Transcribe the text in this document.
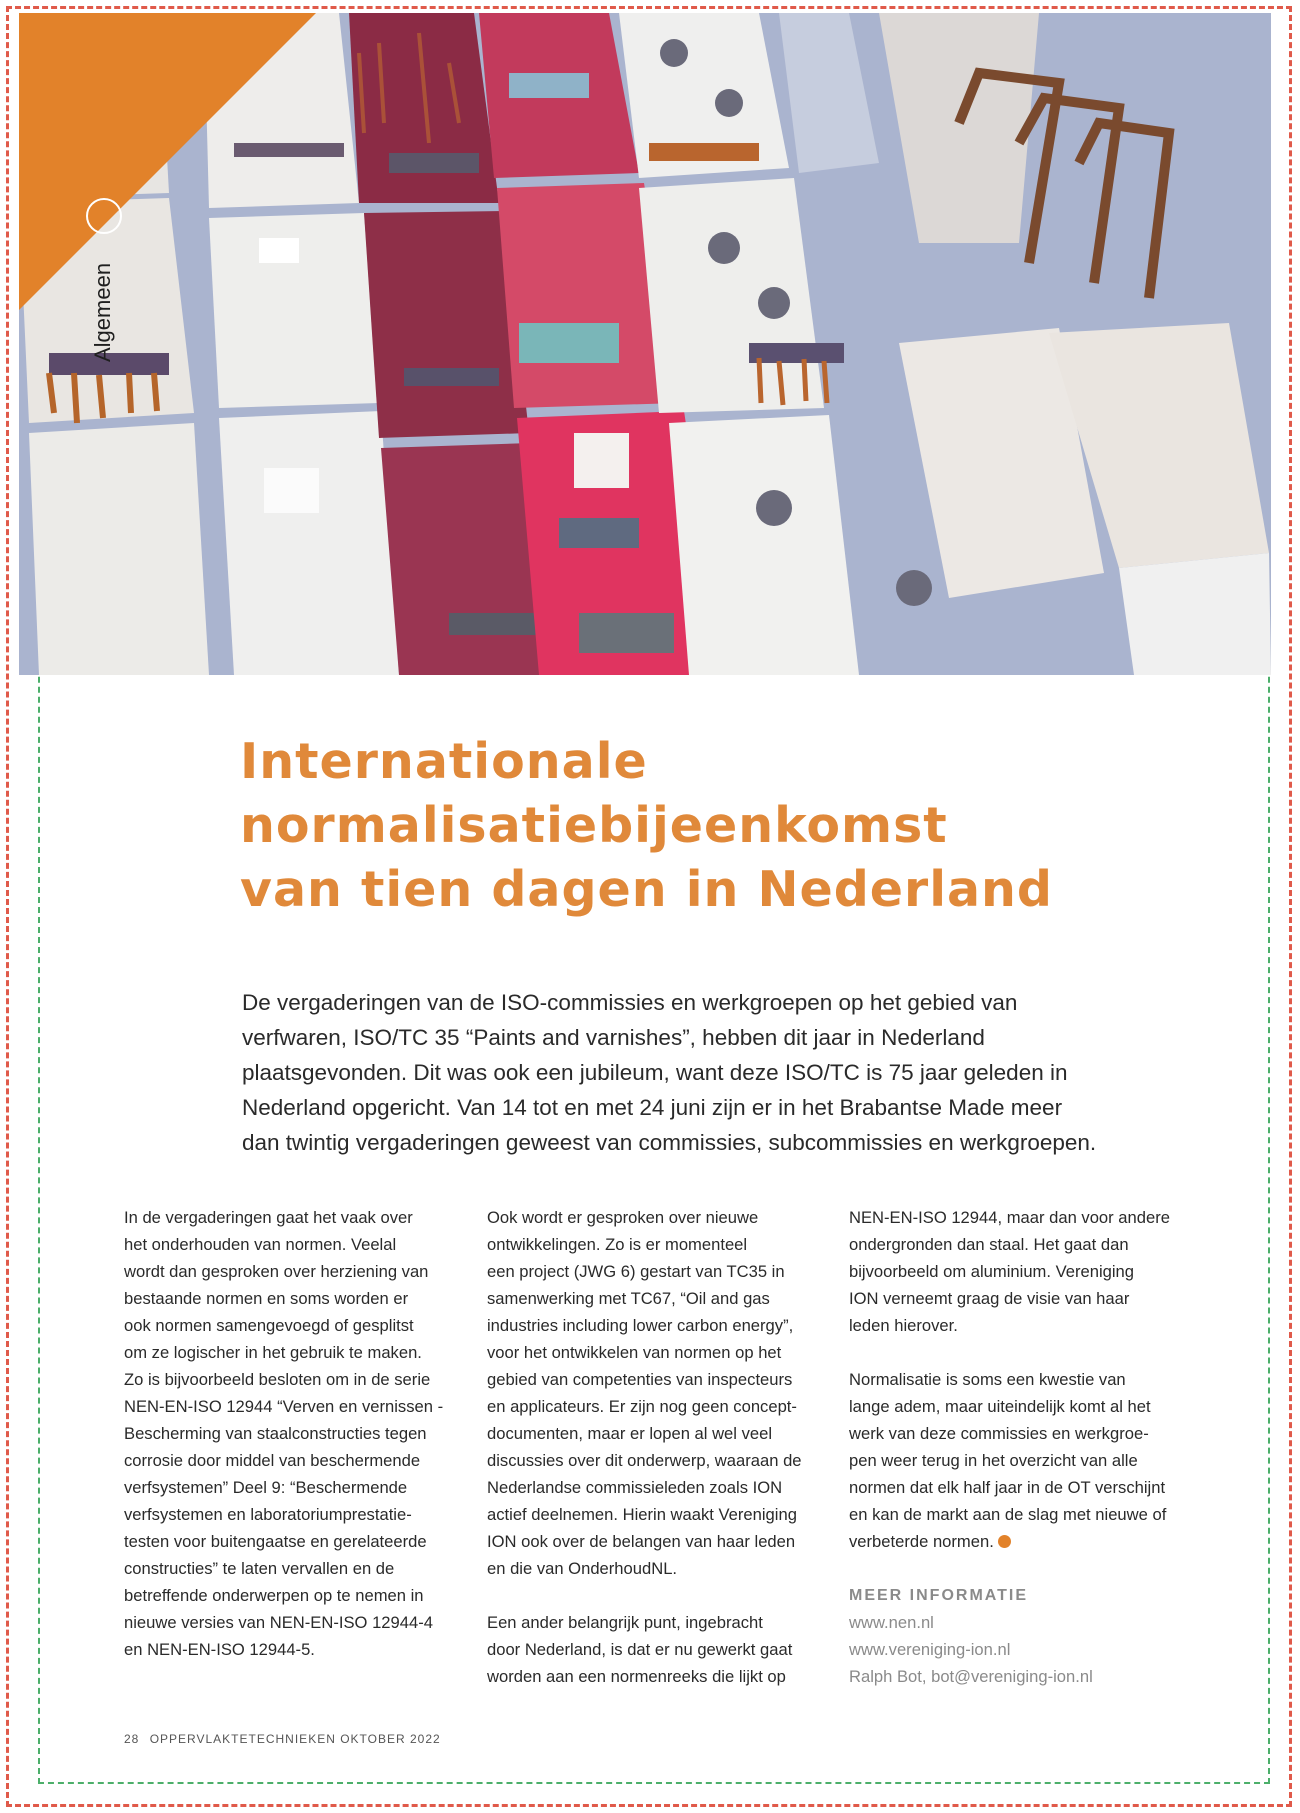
Algemeen
Internationale
normalisatiebijeenkomst
van tien dagen in Nederland
De vergaderingen van de ISO-commissies en werkgroepen op het gebied van
verfwaren, ISO/TC 35 “Paints and varnishes”, hebben dit jaar in Nederland
plaatsgevonden. Dit was ook een jubileum, want deze ISO/TC is 75 jaar geleden in
Nederland opgericht. Van 14 tot en met 24 juni zijn er in het Brabantse Made meer
dan twintig vergaderingen geweest van commissies, subcommissies en werkgroepen.
In de vergaderingen gaat het vaak over
het onderhouden van normen. Veelal
wordt dan gesproken over herziening van
bestaande normen en soms worden er
ook normen samengevoegd of gesplitst
om ze logischer in het gebruik te maken.
Zo is bijvoorbeeld besloten om in de serie
NEN-EN-ISO 12944 “Verven en vernissen -
Bescherming van staalconstructies tegen
corrosie door middel van beschermende
verfsystemen” Deel 9: “Beschermende
verfsystemen en laboratoriumprestatie-
testen voor buitengaatse en gerelateerde
constructies” te laten vervallen en de
betreffende onderwerpen op te nemen in
nieuwe versies van NEN-EN-ISO 12944-4
en NEN-EN-ISO 12944-5.
Ook wordt er gesproken over nieuwe
ontwikkelingen. Zo is er momenteel
een project (JWG 6) gestart van TC35 in
samenwerking met TC67, “Oil and gas
industries including lower carbon energy”,
voor het ontwikkelen van normen op het
gebied van competenties van inspecteurs
en applicateurs. Er zijn nog geen concept-
documenten, maar er lopen al wel veel
discussies over dit onderwerp, waaraan de
Nederlandse commissieleden zoals ION
actief deelnemen. Hierin waakt Vereniging
ION ook over de belangen van haar leden
en die van OnderhoudNL.
Een ander belangrijk punt, ingebracht
door Nederland, is dat er nu gewerkt gaat
worden aan een normenreeks die lijkt op
NEN-EN-ISO 12944, maar dan voor andere
ondergronden dan staal. Het gaat dan
bijvoorbeeld om aluminium. Vereniging
ION verneemt graag de visie van haar
leden hierover.
Normalisatie is soms een kwestie van
lange adem, maar uiteindelijk komt al het
werk van deze commissies en werkgroe-
pen weer terug in het overzicht van alle
normen dat elk half jaar in de OT verschijnt
en kan de markt aan de slag met nieuwe of
verbeterde normen.
MEER INFORMATIE
www.nen.nl
www.vereniging-ion.nl
Ralph Bot, bot@vereniging-ion.nl
28 OPPERVLAKTETECHNIEKEN OKTOBER 2022
